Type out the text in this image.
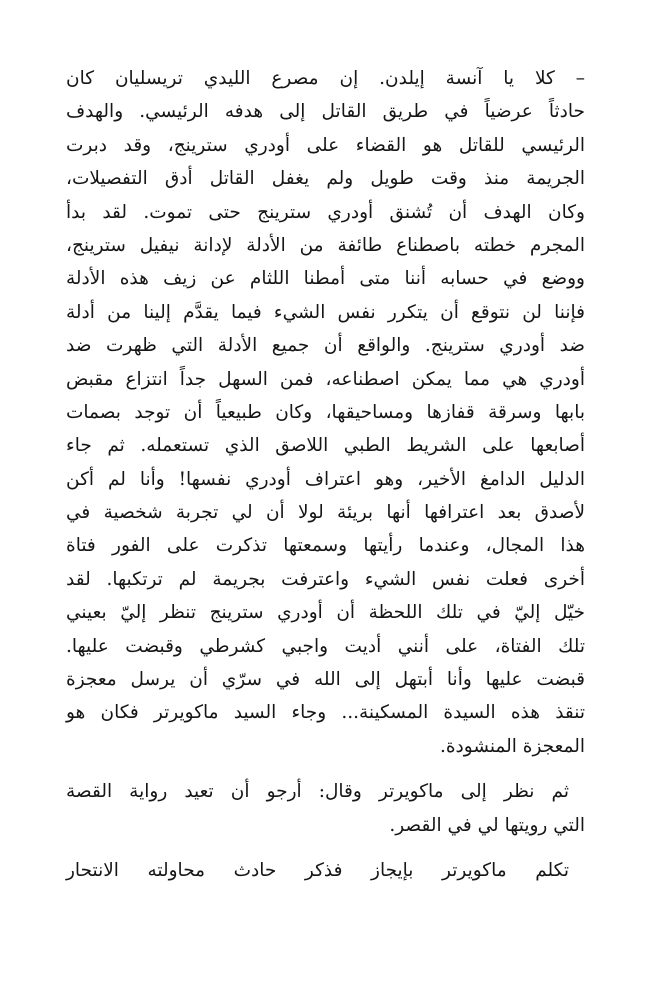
– كلا يا آنسة إيلدن. إن مصرع الليدي تريسليان كان
حادثاً عرضياً في طريق القاتل إلى هدفه الرئيسي. والهدف
الرئيسي للقاتل هو القضاء على أودري سترينج، وقد دبرت
الجريمة منذ وقت طويل ولم يغفل القاتل أدق التفصيلات،
وكان الهدف أن تُشنق أودري سترينج حتى تموت. لقد بدأ
المجرم خطته باصطناع طائفة من الأدلة لإدانة نيفيل سترينج،
ووضع في حسابه أننا متى أمطنا اللثام عن زيف هذه الأدلة
فإننا لن نتوقع أن يتكرر نفس الشيء فيما يقدَّم إلينا من أدلة
ضد أودري سترينج. والواقع أن جميع الأدلة التي ظهرت ضد
أودري هي مما يمكن اصطناعه، فمن السهل جداً انتزاع مقبض
بابها وسرقة قفازها ومساحيقها، وكان طبيعياً أن توجد بصمات
أصابعها على الشريط الطبي اللاصق الذي تستعمله. ثم جاء
الدليل الدامغ الأخير، وهو اعتراف أودري نفسها! وأنا لم أكن
لأصدق بعد اعترافها أنها بريئة لولا أن لي تجربة شخصية في
هذا المجال، وعندما رأيتها وسمعتها تذكرت على الفور فتاة
أخرى فعلت نفس الشيء واعترفت بجريمة لم ترتكبها. لقد
خيّل إليّ في تلك اللحظة أن أودري سترينج تنظر إليّ بعيني
تلك الفتاة، على أنني أديت واجبي كشرطي وقبضت عليها.
قبضت عليها وأنا أبتهل إلى الله في سرّي أن يرسل معجزة
تنقذ هذه السيدة المسكينة... وجاء السيد ماكويرتر فكان هو
المعجزة المنشودة.
ثم نظر إلى ماكويرتر وقال: أرجو أن تعيد رواية القصة
التي رويتها لي في القصر.
تكلم ماكويرتر بإيجاز فذكر حادث محاولته الانتحار
